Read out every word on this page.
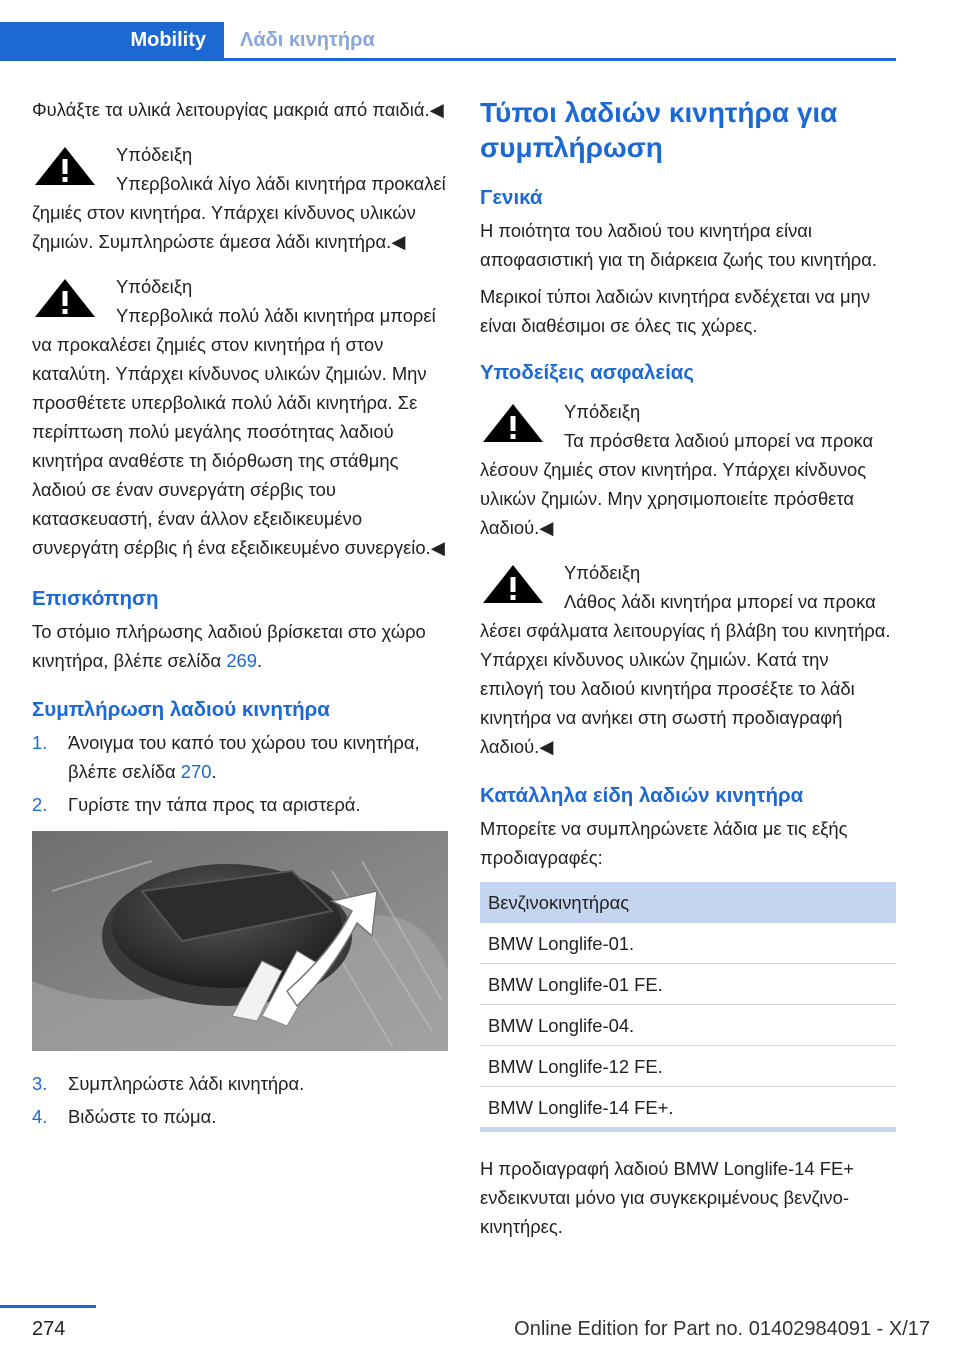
Mobility	Λάδι κινητήρα

Φυλάξτε τα υλικά λειτουργίας μακριά από παιδιά.◀

Υπόδειξη
Υπερβολικά λίγο λάδι κινητήρα προκαλεί
ζημιές στον κινητήρα. Υπάρχει κίνδυνος υλικών ζημιών. Συμπληρώστε άμεσα λάδι κινητήρα.◀
Υπόδειξη
Υπερβολικά πολύ λάδι κινητήρα μπορεί
να προκαλέσει ζημιές στον κινητήρα ή στον καταλύτη. Υπάρχει κίνδυνος υλικών ζημιών. Μην προσθέτετε υπερβολικά πολύ λάδι κινητήρα. Σε περίπτωση πολύ μεγάλης ποσότητας λαδιού κινητήρα αναθέστε τη διόρθωση της στάθμης λαδιού σε έναν συνεργάτη σέρβις του κατασκευαστή, έναν άλλον εξειδικευμένο συνεργάτη σέρβις ή ένα εξειδικευμένο συνεργείο.◀
Επισκόπηση

Το στόμιο πλήρωσης λαδιού βρίσκεται στο χώρο κινητήρα, βλέπε σελίδα 269.

Συμπλήρωση λαδιού κινητήρα
1. Άνοιγμα του καπό του χώρου του κινητήρα, βλέπε σελίδα 270.
2. Γυρίστε την τάπα προς τα αριστερά.
3. Συμπληρώστε λάδι κινητήρα.
4. Βιδώστε το πώμα.
Τύποι λαδιών κινητήρα για συμπλήρωση
Γενικά

Η ποιότητα του λαδιού του κινητήρα είναι αποφασιστική για τη διάρκεια ζωής του κινητήρα.

Μερικοί τύποι λαδιών κινητήρα ενδέχεται να μην είναι διαθέσιμοι σε όλες τις χώρες.

Υποδείξεις ασφαλείας
Υπόδειξη
Τα πρόσθετα λαδιού μπορεί να προκα
λέσουν ζημιές στον κινητήρα. Υπάρχει κίνδυνος υλικών ζημιών. Μην χρησιμοποιείτε πρόσθετα λαδιού.◀
Υπόδειξη
Λάθος λάδι κινητήρα μπορεί να προκα
λέσει σφάλματα λειτουργίας ή βλάβη του κινητήρα. Υπάρχει κίνδυνος υλικών ζημιών. Κατά την επιλογή του λαδιού κινητήρα προσέξτε το λάδι κινητήρα να ανήκει στη σωστή προδιαγραφή λαδιού.◀
Κατάλληλα είδη λαδιών κινητήρα

Μπορείτε να συμπληρώνετε λάδια με τις εξής προδιαγραφές:

Βενζινοκινητήρας
BMW Longlife-01.
BMW Longlife-01 FE.
BMW Longlife-04.
BMW Longlife-12 FE.
BMW Longlife-14 FE+.

Η προδιαγραφή λαδιού BMW Longlife-14 FE+ ενδεικνυται μόνο για συγκεκριμένους βενζινοκινητήρες.

274	Online Edition for Part no. 01402984091 - X/17
